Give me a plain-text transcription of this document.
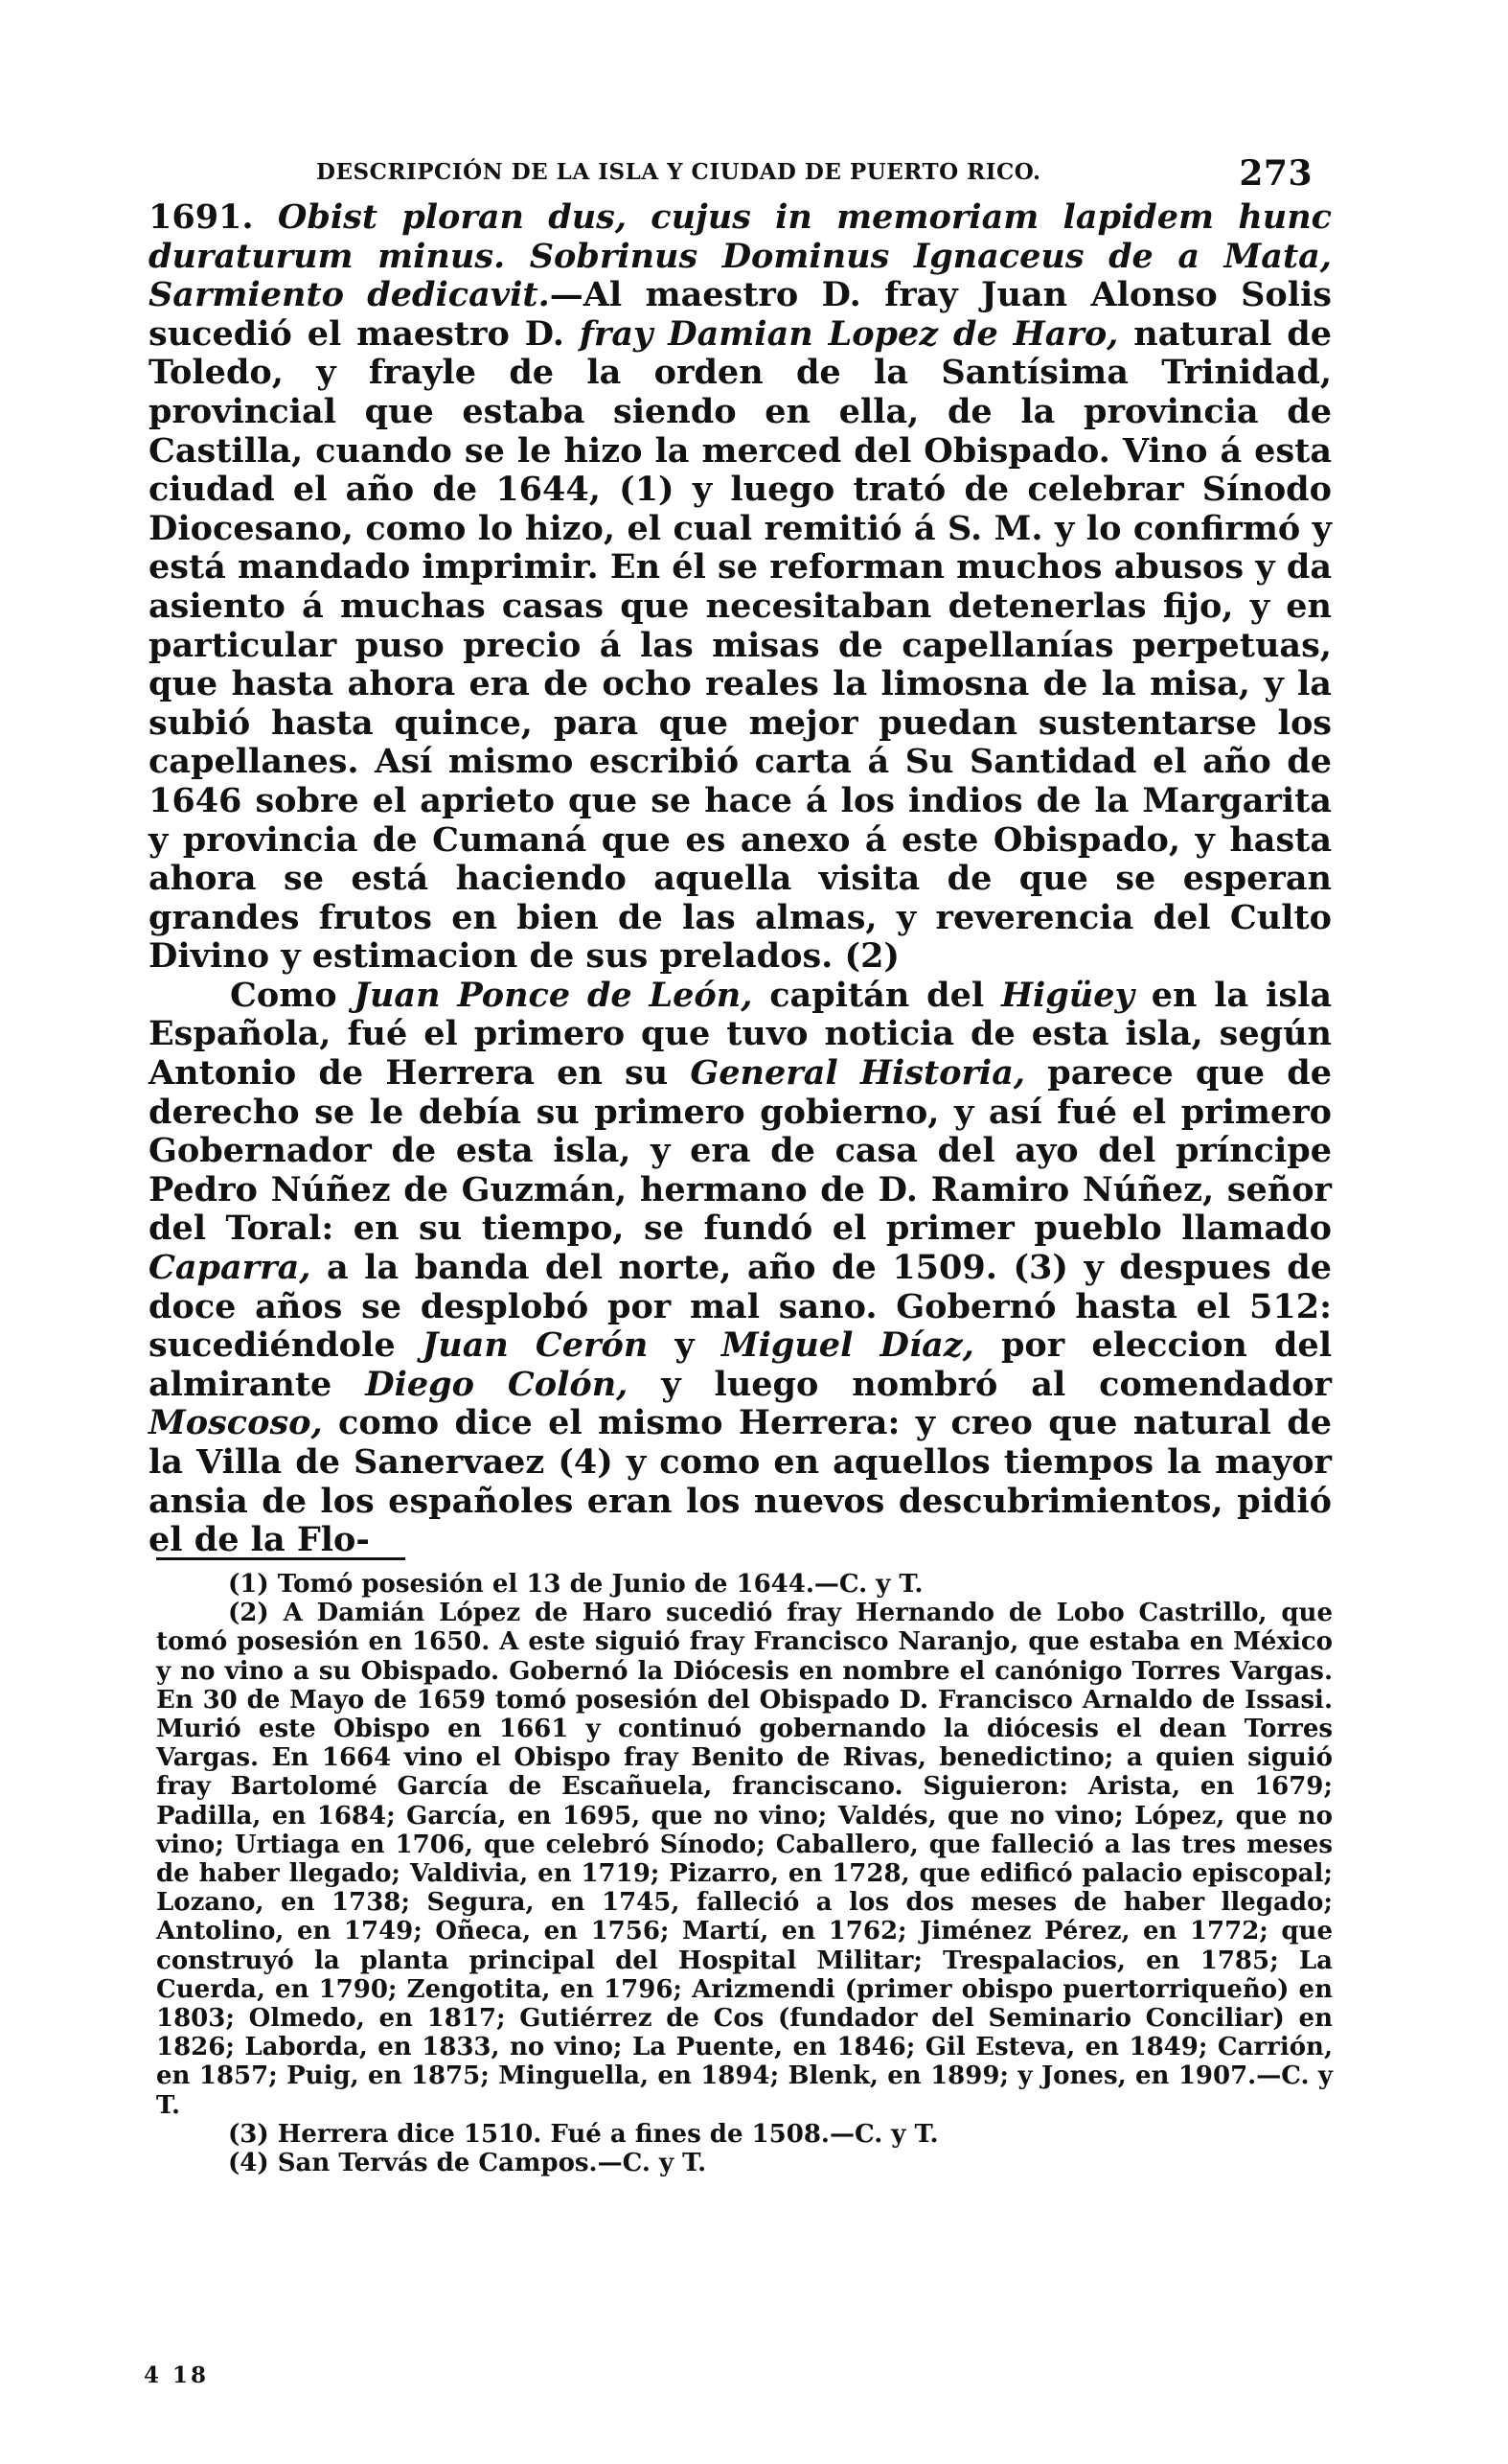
DESCRIPCIÓN DE LA ISLA Y CIUDAD DE PUERTO RICO.	273

1691. Obist ploran dus, cujus in memoriam lapidem hunc duraturum minus. Sobrinus Dominus Ignaceus de a Mata, Sarmiento dedicavit.—Al maestro D. fray Juan Alonso Solis sucedió el maestro D. fray Damian Lopez de Haro, natural de Toledo, y frayle de la orden de la Santísima Trinidad, provincial que estaba siendo en ella, de la provincia de Castilla, cuando se le hizo la merced del Obispado. Vino á esta ciudad el año de 1644, (1) y luego trató de celebrar Sínodo Diocesano, como lo hizo, el cual remitió á S. M. y lo confirmó y está mandado imprimir. En él se reforman muchos abusos y da asiento á muchas casas que necesitaban detenerlas fijo, y en particular puso precio á las misas de capellanías perpetuas, que hasta ahora era de ocho reales la limosna de la misa, y la subió hasta quince, para que mejor puedan sustentarse los capellanes. Así mismo escribió carta á Su Santidad el año de 1646 sobre el aprieto que se hace á los indios de la Margarita y provincia de Cumaná que es anexo á este Obispado, y hasta ahora se está haciendo aquella visita de que se esperan grandes frutos en bien de las almas, y reverencia del Culto Divino y estimacion de sus prelados. (2)

Como Juan Ponce de León, capitán del Higüey en la isla Española, fué el primero que tuvo noticia de esta isla, según Antonio de Herrera en su General Historia, parece que de derecho se le debía su primero gobierno, y así fué el primero Gobernador de esta isla, y era de casa del ayo del príncipe Pedro Núñez de Guzmán, hermano de D. Ramiro Núñez, señor del Toral: en su tiempo, se fundó el primer pueblo llamado Caparra, a la banda del norte, año de 1509. (3) y despues de doce años se desplobó por mal sano. Gobernó hasta el 512: sucediéndole Juan Cerón y Miguel Díaz, por eleccion del almirante Diego Colón, y luego nombró al comendador Moscoso, como dice el mismo Herrera: y creo que natural de la Villa de Sanervaez (4) y como en aquellos tiempos la mayor ansia de los españoles eran los nuevos descubrimientos, pidió el de la Flo-

(1) Tomó posesión el 13 de Junio de 1644.—C. y T.

(2) A Damián López de Haro sucedió fray Hernando de Lobo Castrillo, que tomó posesión en 1650. A este siguió fray Francisco Naranjo, que estaba en México y no vino a su Obispado. Gobernó la Diócesis en nombre el canónigo Torres Vargas. En 30 de Mayo de 1659 tomó posesión del Obispado D. Francisco Arnaldo de Issasi. Murió este Obispo en 1661 y continuó gobernando la diócesis el dean Torres Vargas. En 1664 vino el Obispo fray Benito de Rivas, benedictino; a quien siguió fray Bartolomé García de Escañuela, franciscano. Siguieron: Arista, en 1679; Padilla, en 1684; García, en 1695, que no vino; Valdés, que no vino; López, que no vino; Urtiaga en 1706, que celebró Sínodo; Caballero, que falleció a las tres meses de haber llegado; Valdivia, en 1719; Pizarro, en 1728, que edificó palacio episcopal; Lozano, en 1738; Segura, en 1745, falleció a los dos meses de haber llegado; Antolino, en 1749; Oñeca, en 1756; Martí, en 1762; Jiménez Pérez, en 1772; que construyó la planta principal del Hospital Militar; Trespalacios, en 1785; La Cuerda, en 1790; Zengotita, en 1796; Arizmendi (primer obispo puertorriqueño) en 1803; Olmedo, en 1817; Gutiérrez de Cos (fundador del Seminario Conciliar) en 1826; Laborda, en 1833, no vino; La Puente, en 1846; Gil Esteva, en 1849; Carrión, en 1857; Puig, en 1875; Minguella, en 1894; Blenk, en 1899; y Jones, en 1907.—C. y T.

(3) Herrera dice 1510. Fué a fines de 1508.—C. y T.

(4) San Tervás de Campos.—C. y T.

4 18
